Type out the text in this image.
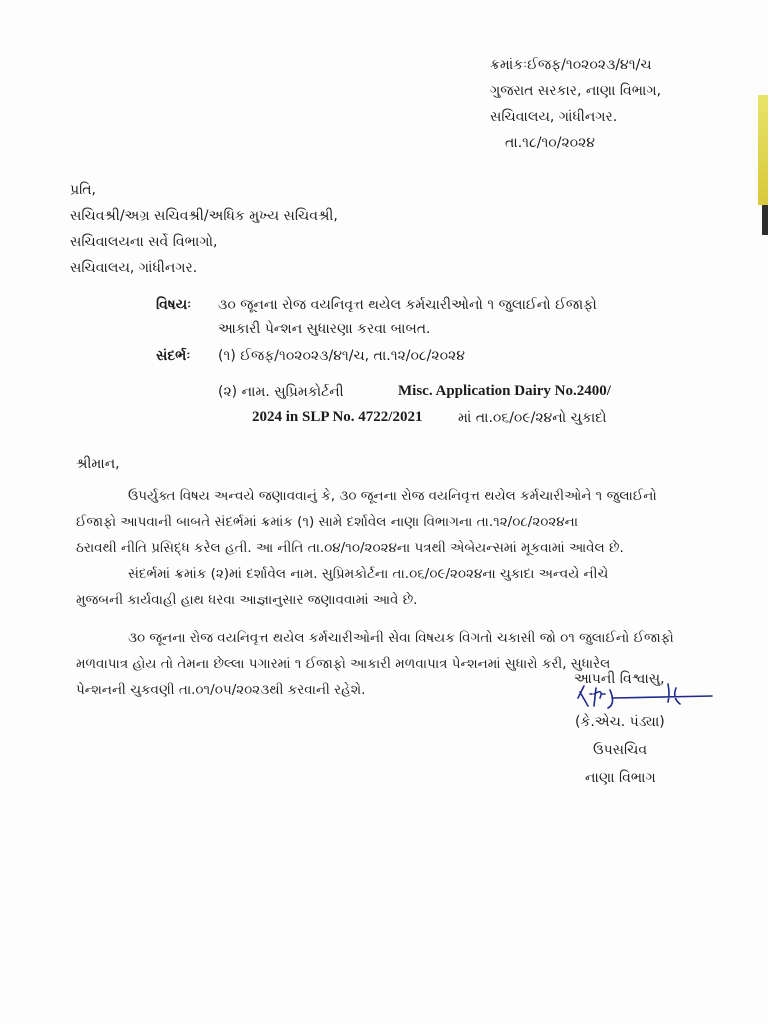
ક્રમાંકઃઈજફ/૧૦૨૦૨૩/૪૧/ચ
ગુજરાત સરકાર, નાણા વિભાગ,
સચિવાલય, ગાંધીનગર.
તા.૧૮/૧૦/૨૦૨૪
પ્રતિ,
સચિવશ્રી/અગ્ર સચિવશ્રી/અધિક મુખ્ય સચિવશ્રી,
સચિવાલયના સર્વે વિભાગો,
સચિવાલય, ગાંધીનગર.
વિષયઃ ૩૦ જૂનના રોજ વયનિવૃત્ત થયેલ કર્મચારીઓનો ૧ જુલાઈનો ઈજાફો
આકારી પેન્શન સુધારણા કરવા બાબત.
સંદર્ભઃ (૧) ઈજફ/૧૦૨૦૨૩/૪૧/ચ, તા.૧૨/૦૮/૨૦૨૪
(૨) નામ. સુપ્રિમકોર્ટની	Misc. Application Dairy No.2400/
2024 in SLP No. 4722/2021	માં તા.૦૬/૦૯/૨૪નો ચુકાદો
શ્રીમાન,
ઉપર્યુક્ત વિષય અન્વયે જણાવવાનું કે, ૩૦ જૂનના રોજ વયનિવૃત્ત થયેલ કર્મચારીઓને ૧ જુલાઈનો
ઈજાફો આપવાની બાબતે સંદર્ભમાં ક્રમાંક (૧) સામે દર્શાવેલ નાણા વિભાગના તા.૧૨/૦૮/૨૦૨૪ના
ઠરાવથી નીતિ પ્રસિદ્ધ કરેલ હતી. આ નીતિ તા.૦૪/૧૦/૨૦૨૪ના પત્રથી એબેયન્સમાં મૂકવામાં આવેલ છે.
સંદર્ભમાં ક્રમાંક (૨)માં દર્શાવેલ નામ. સુપ્રિમકોર્ટના તા.૦૬/૦૯/૨૦૨૪ના ચુકાદા અન્વયે નીચે
મુજબની કાર્યવાહી હાથ ધરવા આજ્ઞાનુસાર જણાવવામાં આવે છે.
૩૦ જૂનના રોજ વયનિવૃત્ત થયેલ કર્મચારીઓની સેવા વિષયક વિગતો ચકાસી જો ૦૧ જુલાઈનો ઈજાફો
મળવાપાત્ર હોય તો તેમના છેલ્લા પગારમાં ૧ ઈજાફો આકારી મળવાપાત્ર પેન્શનમાં સુધારો કરી, સુધારેલ
પેન્શનની ચુકવણી તા.૦૧/૦૫/૨૦૨૩થી કરવાની રહેશે.
આપની વિશ્વાસુ,
(કે.એચ. પંડ્યા)
ઉપસચિવ
નાણા વિભાગ
